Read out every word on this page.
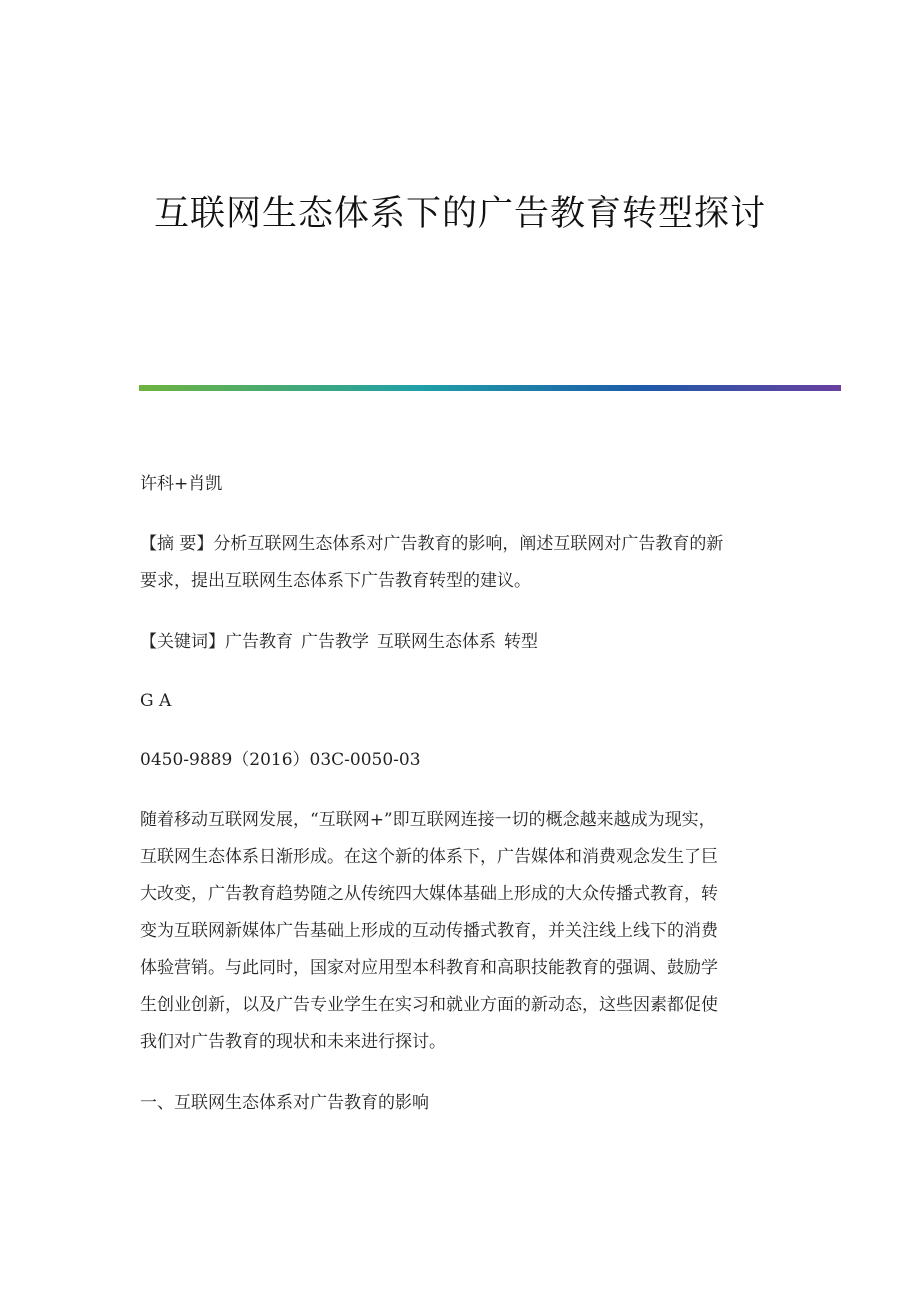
互联网生态体系下的广告教育转型探讨
许科+肖凯
【摘 要】分析互联网生态体系对广告教育的影响，阐述互联网对广告教育的新
要求，提出互联网生态体系下广告教育转型的建议。
【关键词】广告教育 广告教学 互联网生态体系 转型
G A
0450-9889（2016）03C-0050-03
随着移动互联网发展，“互联网+”即互联网连接一切的概念越来越成为现实，
互联网生态体系日渐形成。在这个新的体系下，广告媒体和消费观念发生了巨
大改变，广告教育趋势随之从传统四大媒体基础上形成的大众传播式教育，转
变为互联网新媒体广告基础上形成的互动传播式教育，并关注线上线下的消费
体验营销。与此同时，国家对应用型本科教育和高职技能教育的强调、鼓励学
生创业创新，以及广告专业学生在实习和就业方面的新动态，这些因素都促使
我们对广告教育的现状和未来进行探讨。
一、互联网生态体系对广告教育的影响
